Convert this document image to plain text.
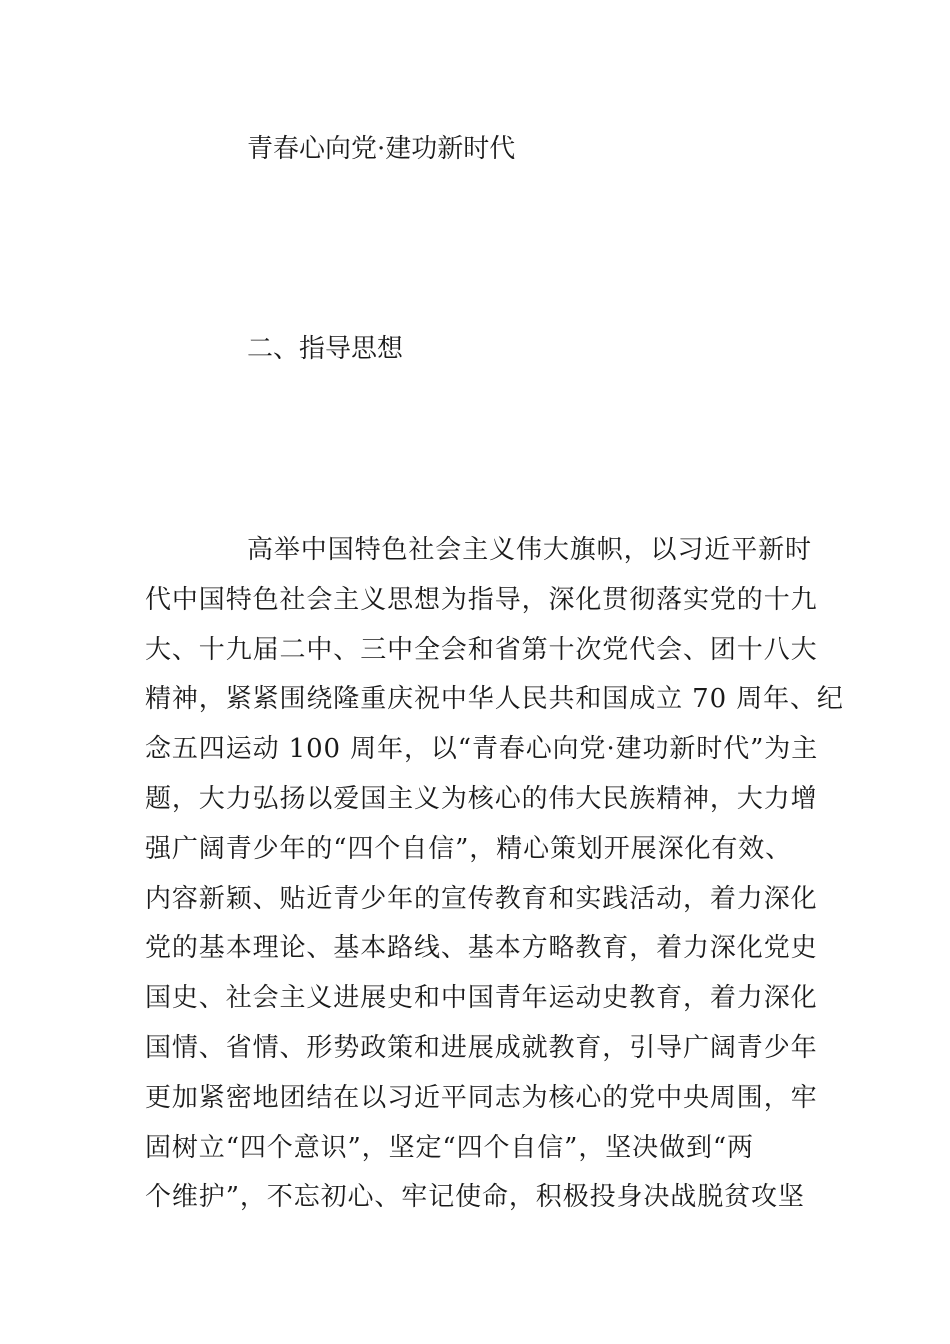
青春心向党·建功新时代
二、指导思想
高举中国特色社会主义伟大旗帜，以习近平新时
代中国特色社会主义思想为指导，深化贯彻落实党的十九
大、十九届二中、三中全会和省第十次党代会、团十八大
精神，紧紧围绕隆重庆祝中华人民共和国成立 70 周年、纪
念五四运动 100 周年，以“青春心向党·建功新时代”为主
题，大力弘扬以爱国主义为核心的伟大民族精神，大力增
强广阔青少年的“四个自信”，精心策划开展深化有效、
内容新颖、贴近青少年的宣传教育和实践活动，着力深化
党的基本理论、基本路线、基本方略教育，着力深化党史
国史、社会主义进展史和中国青年运动史教育，着力深化
国情、省情、形势政策和进展成就教育，引导广阔青少年
更加紧密地团结在以习近平同志为核心的党中央周围，牢
固树立“四个意识”，坚定“四个自信”，坚决做到“两
个维护”，不忘初心、牢记使命，积极投身决战脱贫攻坚
